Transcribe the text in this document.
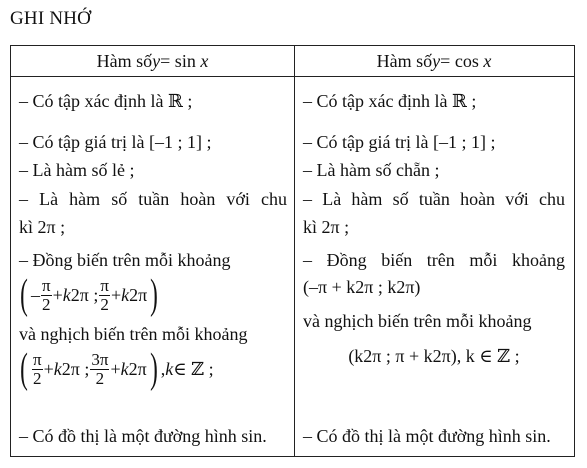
GHI NHỚ
Hàm số y = sin
x	Hàm số y = cos
x
– Có tập xác định là ℝ ;
– Có tập giá trị là [–1 ; 1] ;
– Là hàm số lẻ ;
– Là hàm số tuần hoàn với chu
kì 2π ;
– Đồng biến trên mỗi khoảng
( – $\frac{\pi}{2} + k$ 2π ; $\frac{\pi}{2} + k$ 2π )
và nghịch biến trên mỗi khoảng
( $\frac{\pi}{2} + k$ 2π ; $\frac{3\pi}{2} + k$ 2π ) , k ∈ ℤ ;
– Có đồ thị là một đường hình sin.
– Có tập xác định là ℝ ;
– Có tập giá trị là [–1 ; 1] ;
– Là hàm số chẵn ;
– Là hàm số tuần hoàn với chu
kì 2π ;
– Đồng biến trên mỗi khoảng
(–π + k2π ; k2π)
và nghịch biến trên mỗi khoảng
(k2π ; π + k2π), k ∈ ℤ ;
– Có đồ thị là một đường hình sin.
